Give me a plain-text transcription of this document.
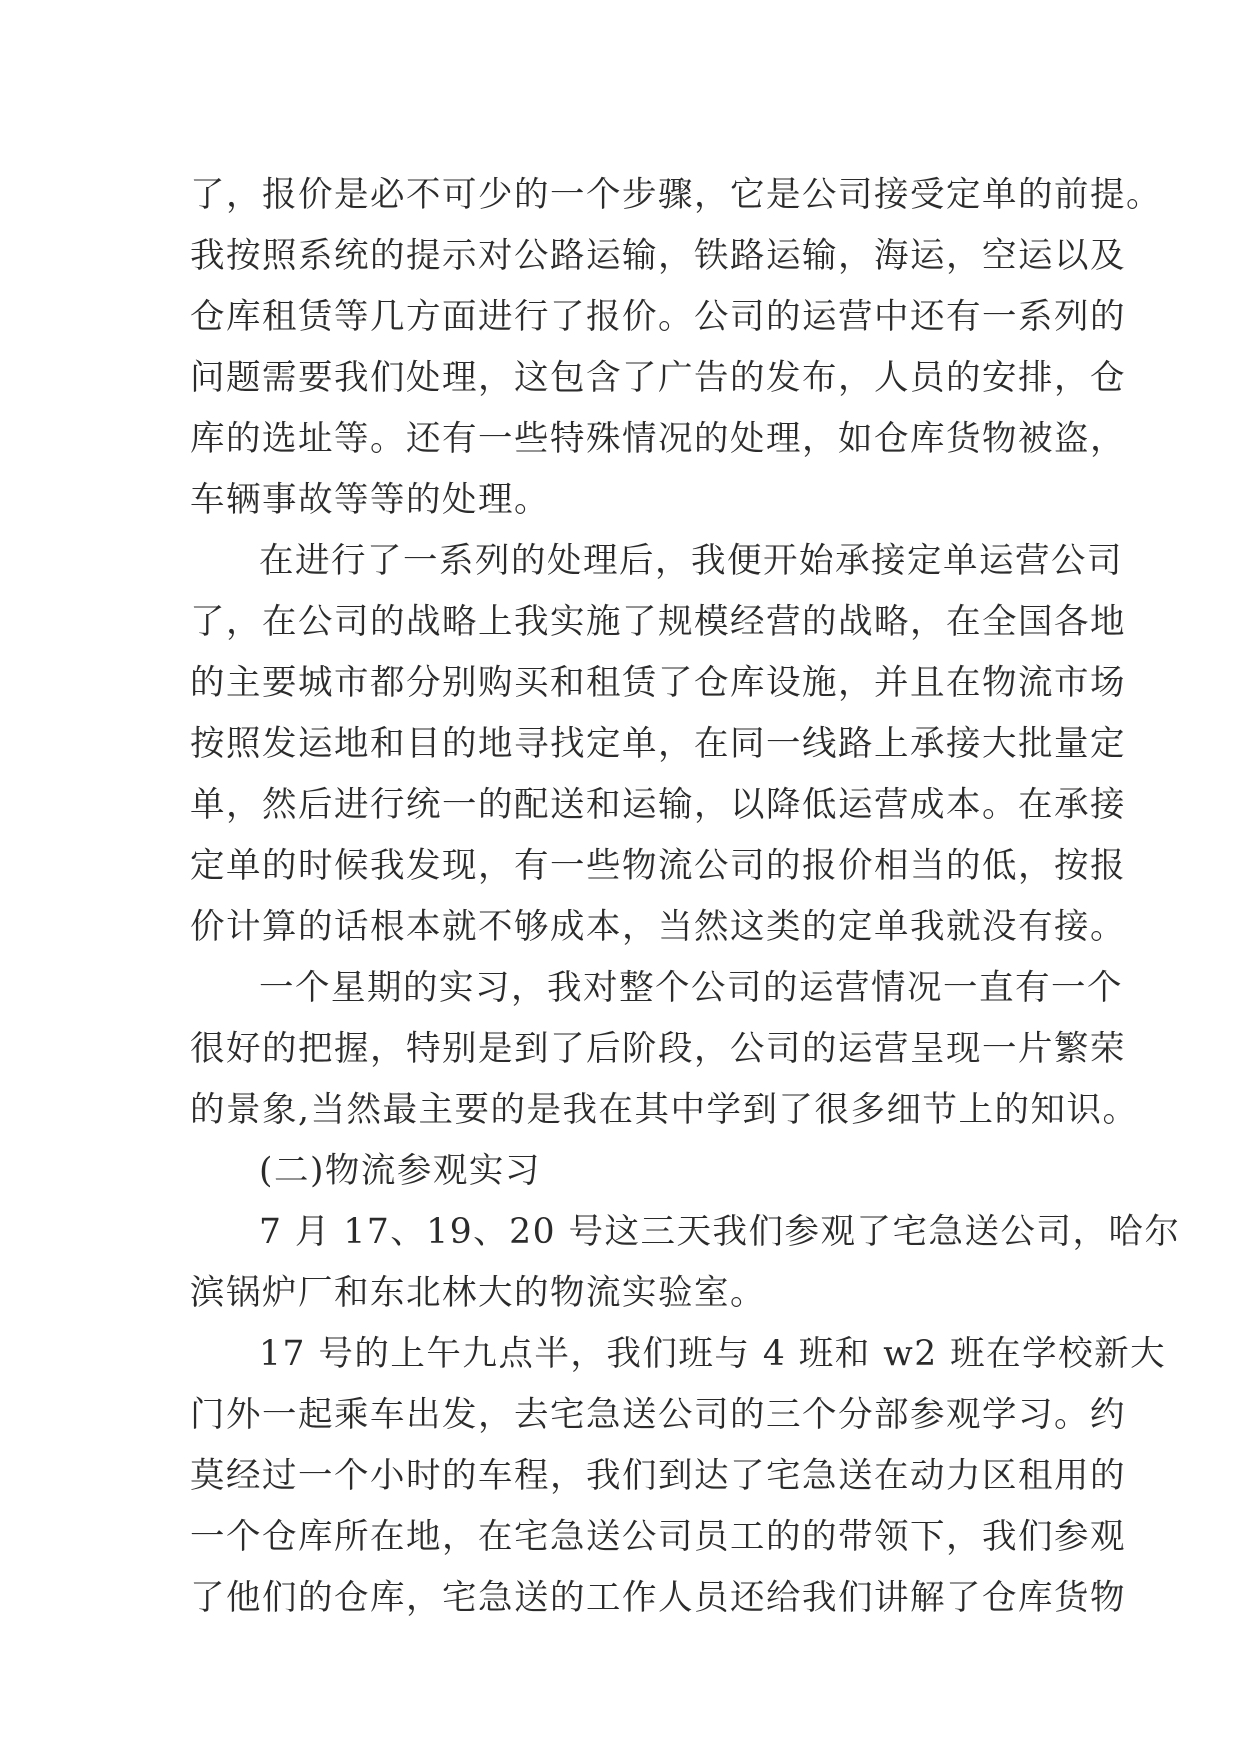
了，报价是必不可少的一个步骤，它是公司接受定单的前提。
我按照系统的提示对公路运输，铁路运输，海运，空运以及
仓库租赁等几方面进行了报价。公司的运营中还有一系列的
问题需要我们处理，这包含了广告的发布，人员的安排，仓
库的选址等。还有一些特殊情况的处理，如仓库货物被盗，
车辆事故等等的处理。
在进行了一系列的处理后，我便开始承接定单运营公司
了，在公司的战略上我实施了规模经营的战略，在全国各地
的主要城市都分别购买和租赁了仓库设施，并且在物流市场
按照发运地和目的地寻找定单，在同一线路上承接大批量定
单，然后进行统一的配送和运输，以降低运营成本。在承接
定单的时候我发现，有一些物流公司的报价相当的低，按报
价计算的话根本就不够成本，当然这类的定单我就没有接。
一个星期的实习，我对整个公司的运营情况一直有一个
很好的把握，特别是到了后阶段，公司的运营呈现一片繁荣
的景象,当然最主要的是我在其中学到了很多细节上的知识。
(二)物流参观实习
7 月 17、19、20 号这三天我们参观了宅急送公司，哈尔
滨锅炉厂和东北林大的物流实验室。
17 号的上午九点半，我们班与 4 班和 w2 班在学校新大
门外一起乘车出发，去宅急送公司的三个分部参观学习。约
莫经过一个小时的车程，我们到达了宅急送在动力区租用的
一个仓库所在地，在宅急送公司员工的的带领下，我们参观
了他们的仓库，宅急送的工作人员还给我们讲解了仓库货物
